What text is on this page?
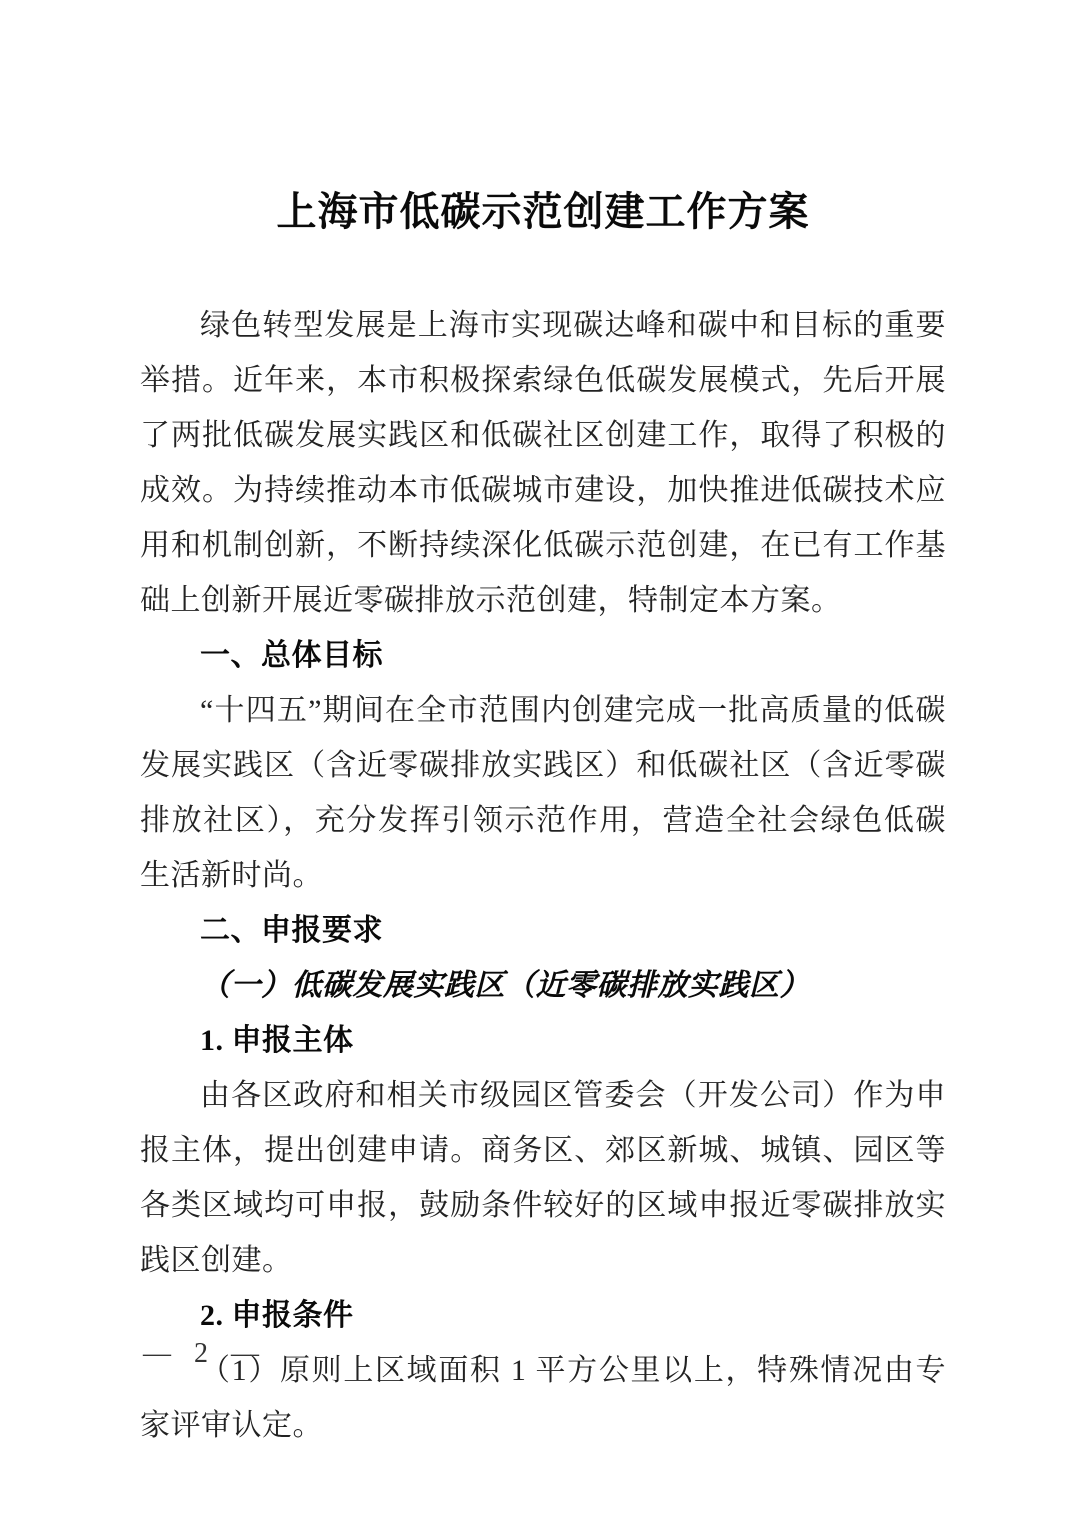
上海市低碳示范创建工作方案
绿色转型发展是上海市实现碳达峰和碳中和目标的重要举措。近年来，本市积极探索绿色低碳发展模式，先后开展了两批低碳发展实践区和低碳社区创建工作，取得了积极的成效。为持续推动本市低碳城市建设，加快推进低碳技术应用和机制创新，不断持续深化低碳示范创建，在已有工作基础上创新开展近零碳排放示范创建，特制定本方案。
一、总体目标
“十四五”期间在全市范围内创建完成一批高质量的低碳发展实践区（含近零碳排放实践区）和低碳社区（含近零碳排放社区），充分发挥引领示范作用，营造全社会绿色低碳生活新时尚。
二、申报要求
（一）低碳发展实践区（近零碳排放实践区）
1. 申报主体
由各区政府和相关市级园区管委会（开发公司）作为申报主体，提出创建申请。商务区、郊区新城、城镇、园区等各类区域均可申报，鼓励条件较好的区域申报近零碳排放实践区创建。
2. 申报条件
（1）原则上区域面积 1 平方公里以上，特殊情况由专家评审认定。
— 2 —
